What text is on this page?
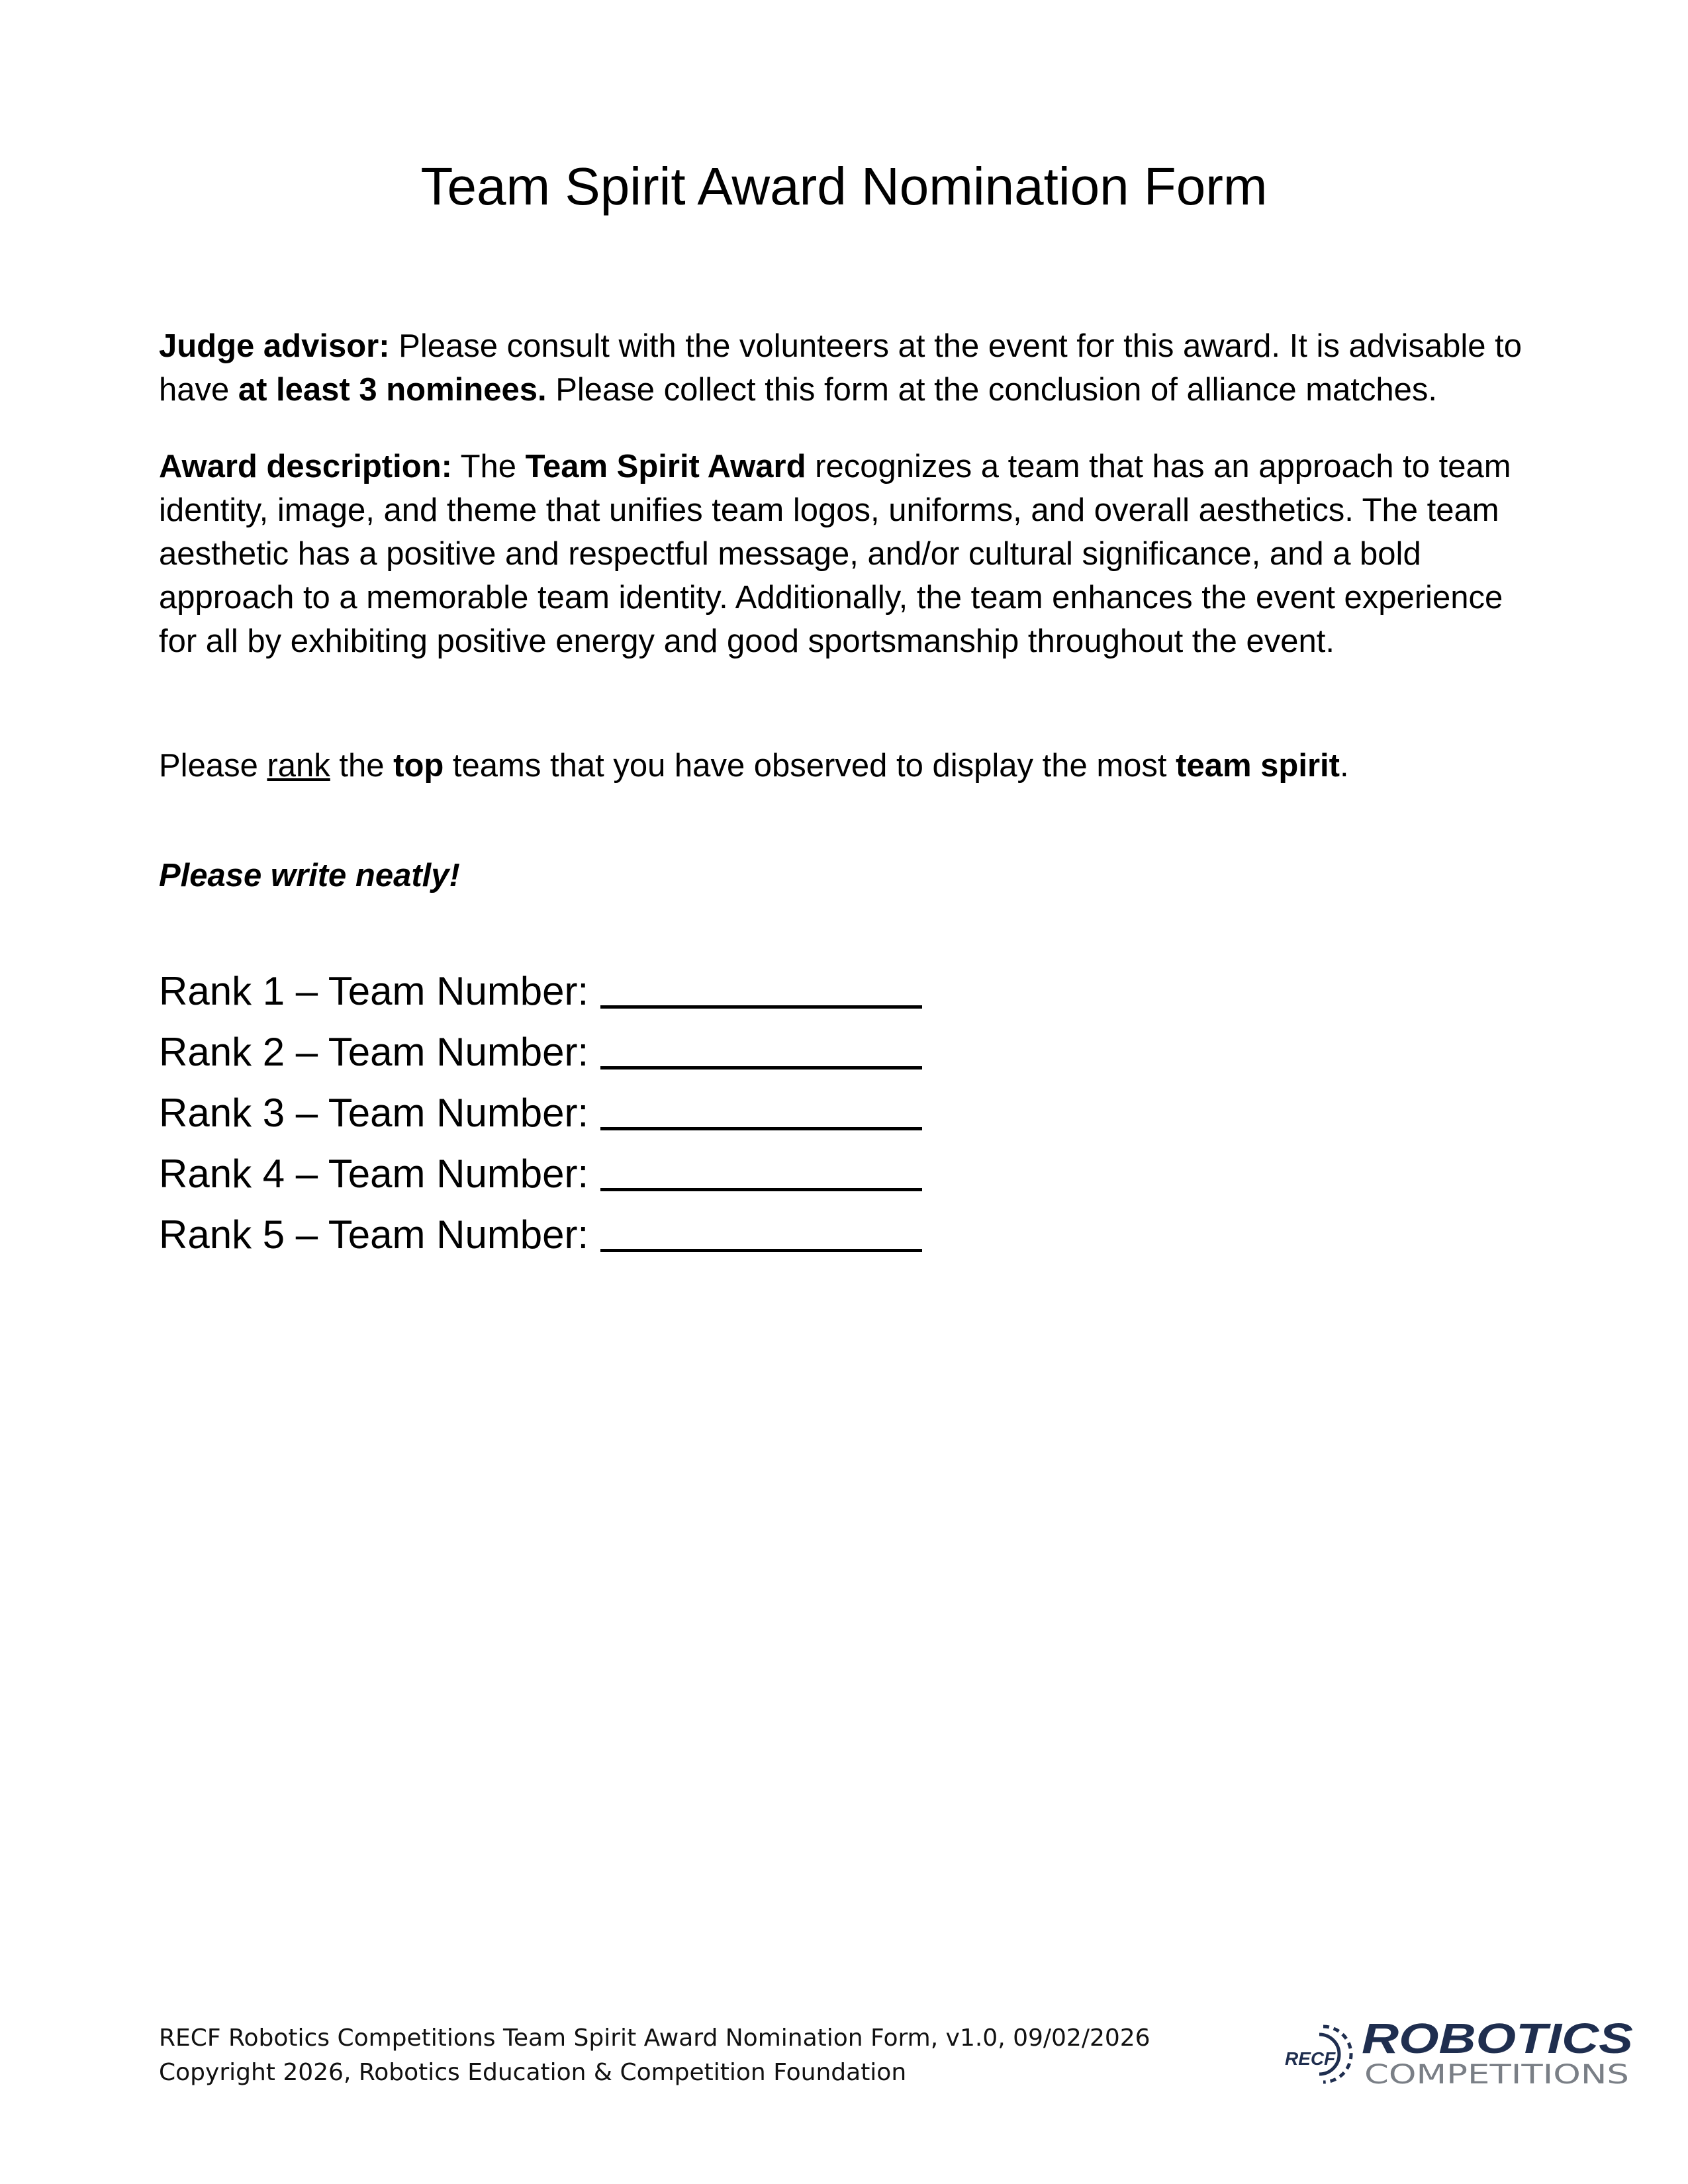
Team Spirit Award Nomination Form

Judge advisor: Please consult with the volunteers at the event for this award. It is advisable to have at least 3 nominees. Please collect this form at the conclusion of alliance matches.

Award description: The Team Spirit Award recognizes a team that has an approach to team identity, image, and theme that unifies team logos, uniforms, and overall aesthetics. The team aesthetic has a positive and respectful message, and/or cultural significance, and a bold approach to a memorable team identity. Additionally, the team enhances the event experience for all by exhibiting positive energy and good sportsmanship throughout the event.

Please rank the top teams that you have observed to display the most team spirit.

Please write neatly!

Rank 1 – Team Number:
Rank 2 – Team Number:
Rank 3 – Team Number:
Rank 4 – Team Number:
Rank 5 – Team Number:
RECF Robotics Competitions Team Spirit Award Nomination Form, v1.0, 09/02/2026
Copyright 2026, Robotics Education & Competition Foundation
RECF ROBOTICS
COMPETITIONS
